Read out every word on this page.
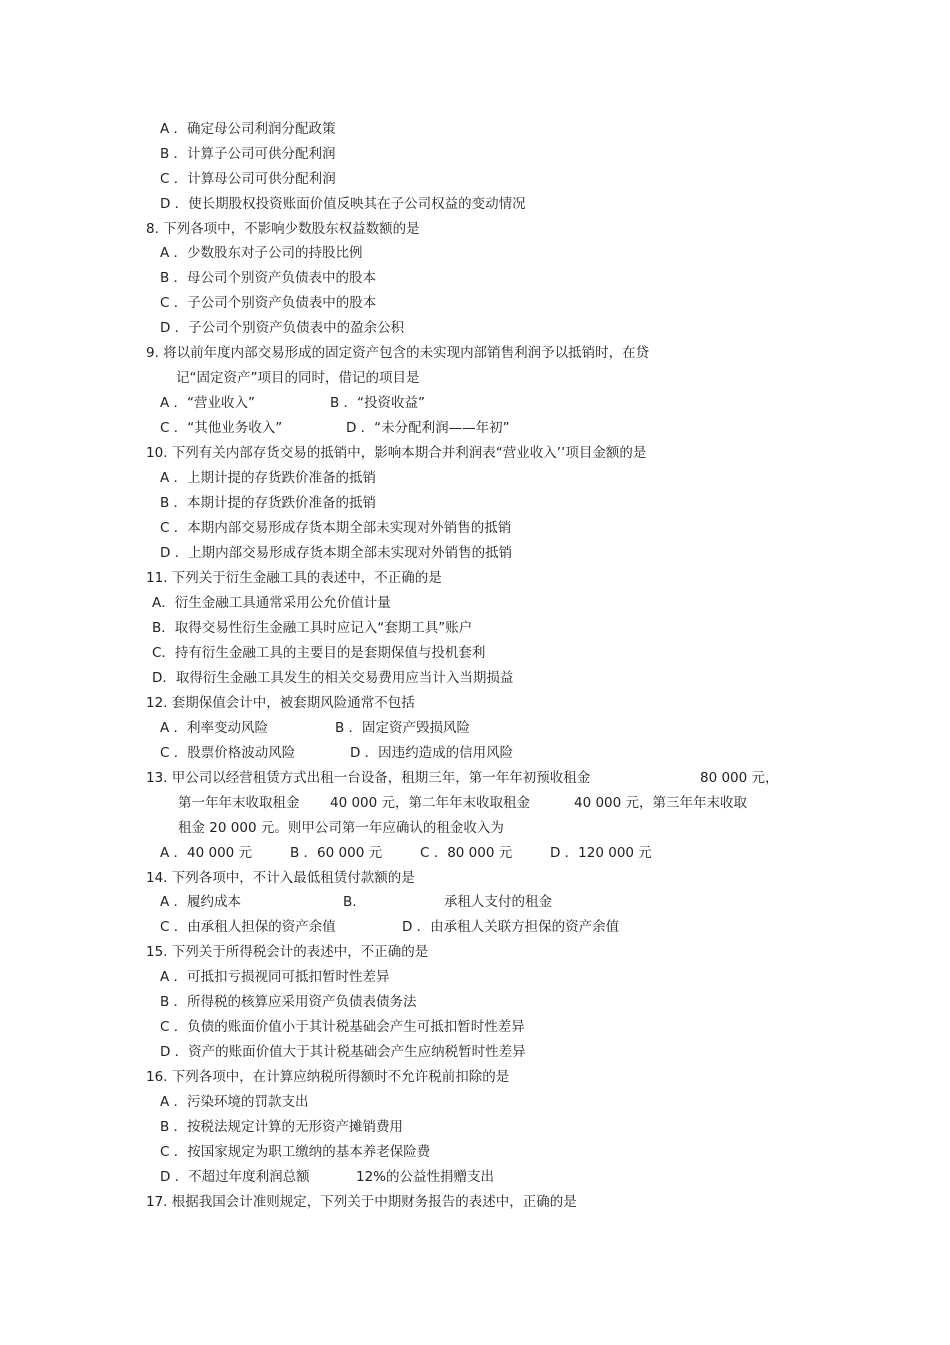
A ．确定母公司利润分配政策
B ．计算子公司可供分配利润
C ．计算母公司可供分配利润
D ．使长期股权投资账面价值反映其在子公司权益的变动情况
8. 下列各项中，不影响少数股东权益数额的是
A ．少数股东对子公司的持股比例
B ．母公司个别资产负债表中的股本
C ．子公司个别资产负债表中的股本
D ．子公司个别资产负债表中的盈余公积
9. 将以前年度内部交易形成的固定资产包含的未实现内部销售利润予以抵销时，在贷
记“固定资产”项目的同时，借记的项目是
A ．“营业收入”	B ．“投资收益”
C ．“其他业务收入”	D ．“未分配利润——年初”
10. 下列有关内部存货交易的抵销中，影响本期合并利润表“营业收入’’项目金额的是
A ．上期计提的存货跌价准备的抵销
B ．本期计提的存货跌价准备的抵销
C ．本期内部交易形成存货本期全部未实现对外销售的抵销
D ．上期内部交易形成存货本期全部未实现对外销售的抵销
11. 下列关于衍生金融工具的表述中，不正确的是
A．衍生金融工具通常采用公允价值计量
B．取得交易性衍生金融工具时应记入“套期工具”账户
C．持有衍生金融工具的主要目的是套期保值与投机套利
D．取得衍生金融工具发生的相关交易费用应当计入当期损益
12. 套期保值会计中，被套期风险通常不包括
A ．利率变动风险	B ．固定资产毁损风险
C ．股票价格波动风险	D ．因违约造成的信用风险
13. 甲公司以经营租赁方式出租一台设备，租期三年，第一年年初预收租金	80 000 元，
第一年年末收取租金 40 000 元，第二年年末收取租金	40 000 元，第三年年末收取
租金 20 000 元。则甲公司第一年应确认的租金收入为
A ．40 000 元	B ．60 000 元	C ．80 000 元	D ．120 000 元
14. 下列各项中，不计入最低租赁付款额的是
A ．履约成本	B.	承租人支付的租金
C ．由承租人担保的资产余值	D ．由承租人关联方担保的资产余值
15. 下列关于所得税会计的表述中，不正确的是
A ．可抵扣亏损视同可抵扣暂时性差异
B ．所得税的核算应采用资产负债表债务法
C ．负债的账面价值小于其计税基础会产生可抵扣暂时性差异
D ．资产的账面价值大于其计税基础会产生应纳税暂时性差异
16. 下列各项中，在计算应纳税所得额时不允许税前扣除的是
A ．污染环境的罚款支出
B ．按税法规定计算的无形资产摊销费用
C ．按国家规定为职工缴纳的基本养老保险费
D ．不超过年度利润总额	12%的公益性捐赠支出
17. 根据我国会计准则规定，下列关于中期财务报告的表述中，正确的是
